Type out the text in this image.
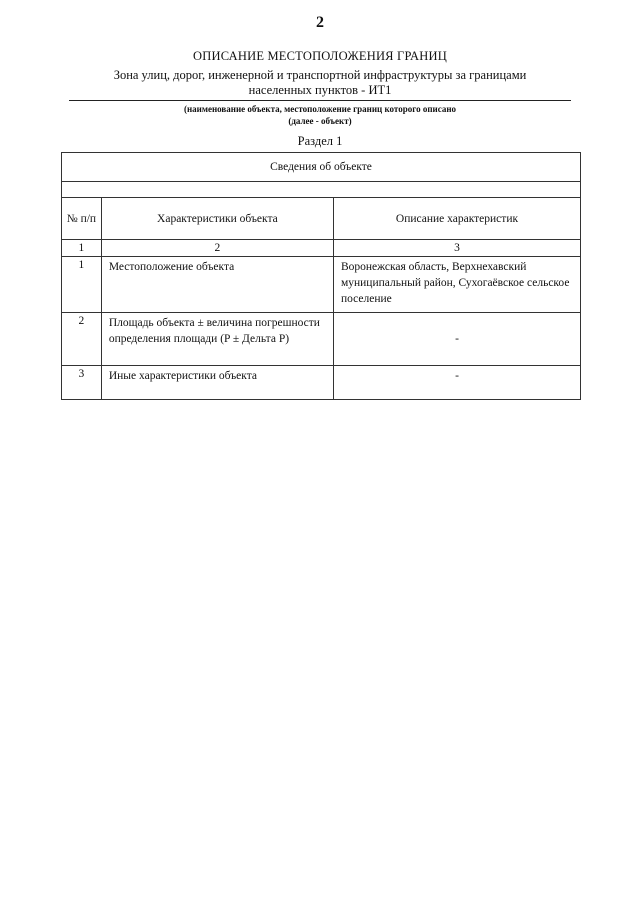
2
ОПИСАНИЕ МЕСТОПОЛОЖЕНИЯ ГРАНИЦ
Зона улиц, дорог, инженерной и транспортной инфраструктуры за границами населенных пунктов - ИТ1
(наименование объекта, местоположение границ которого описано
(далее - объект)
Раздел 1
Сведения об объекте		

№ п/п	Характеристики объекта	Описание характеристик
1	2	3
1	Местоположение объекта	Воронежская область, Верхнехавский муниципальный район, Сухогаёвское сельское поселение
2	Площадь объекта ± величина погрешности определения площади (P ± Дельта P)	-
3	Иные характеристики объекта	-
